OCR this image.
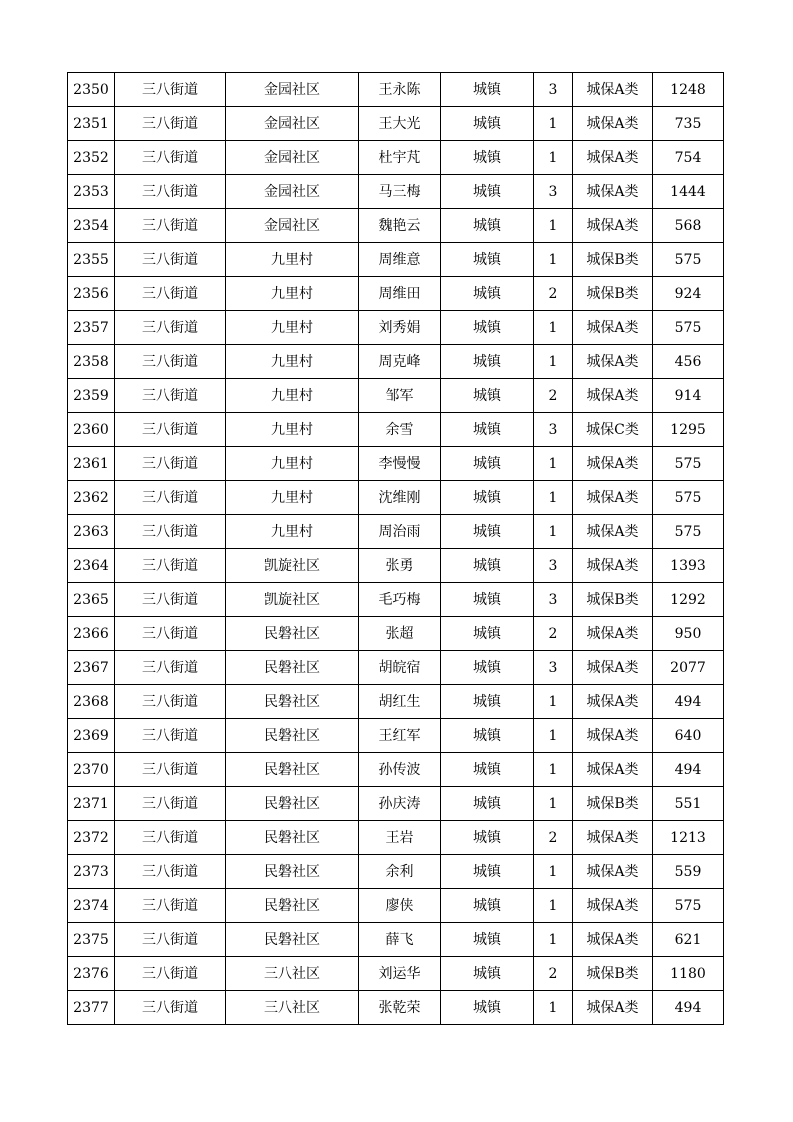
2350	三八街道	金园社区	王永陈	城镇	3	城保A类	1248
2351	三八街道	金园社区	王大光	城镇	1	城保A类	735
2352	三八街道	金园社区	杜宇芃	城镇	1	城保A类	754
2353	三八街道	金园社区	马三梅	城镇	3	城保A类	1444
2354	三八街道	金园社区	魏艳云	城镇	1	城保A类	568
2355	三八街道	九里村	周维意	城镇	1	城保B类	575
2356	三八街道	九里村	周维田	城镇	2	城保B类	924
2357	三八街道	九里村	刘秀娟	城镇	1	城保A类	575
2358	三八街道	九里村	周克峰	城镇	1	城保A类	456
2359	三八街道	九里村	邹军	城镇	2	城保A类	914
2360	三八街道	九里村	余雪	城镇	3	城保C类	1295
2361	三八街道	九里村	李慢慢	城镇	1	城保A类	575
2362	三八街道	九里村	沈维刚	城镇	1	城保A类	575
2363	三八街道	九里村	周治雨	城镇	1	城保A类	575
2364	三八街道	凯旋社区	张勇	城镇	3	城保A类	1393
2365	三八街道	凯旋社区	毛巧梅	城镇	3	城保B类	1292
2366	三八街道	民磐社区	张超	城镇	2	城保A类	950
2367	三八街道	民磐社区	胡皖宿	城镇	3	城保A类	2077
2368	三八街道	民磐社区	胡红生	城镇	1	城保A类	494
2369	三八街道	民磐社区	王红军	城镇	1	城保A类	640
2370	三八街道	民磐社区	孙传波	城镇	1	城保A类	494
2371	三八街道	民磐社区	孙庆涛	城镇	1	城保B类	551
2372	三八街道	民磐社区	王岩	城镇	2	城保A类	1213
2373	三八街道	民磐社区	余利	城镇	1	城保A类	559
2374	三八街道	民磐社区	廖侠	城镇	1	城保A类	575
2375	三八街道	民磐社区	薛飞	城镇	1	城保A类	621
2376	三八街道	三八社区	刘运华	城镇	2	城保B类	1180
2377	三八街道	三八社区	张乾荣	城镇	1	城保A类	494
